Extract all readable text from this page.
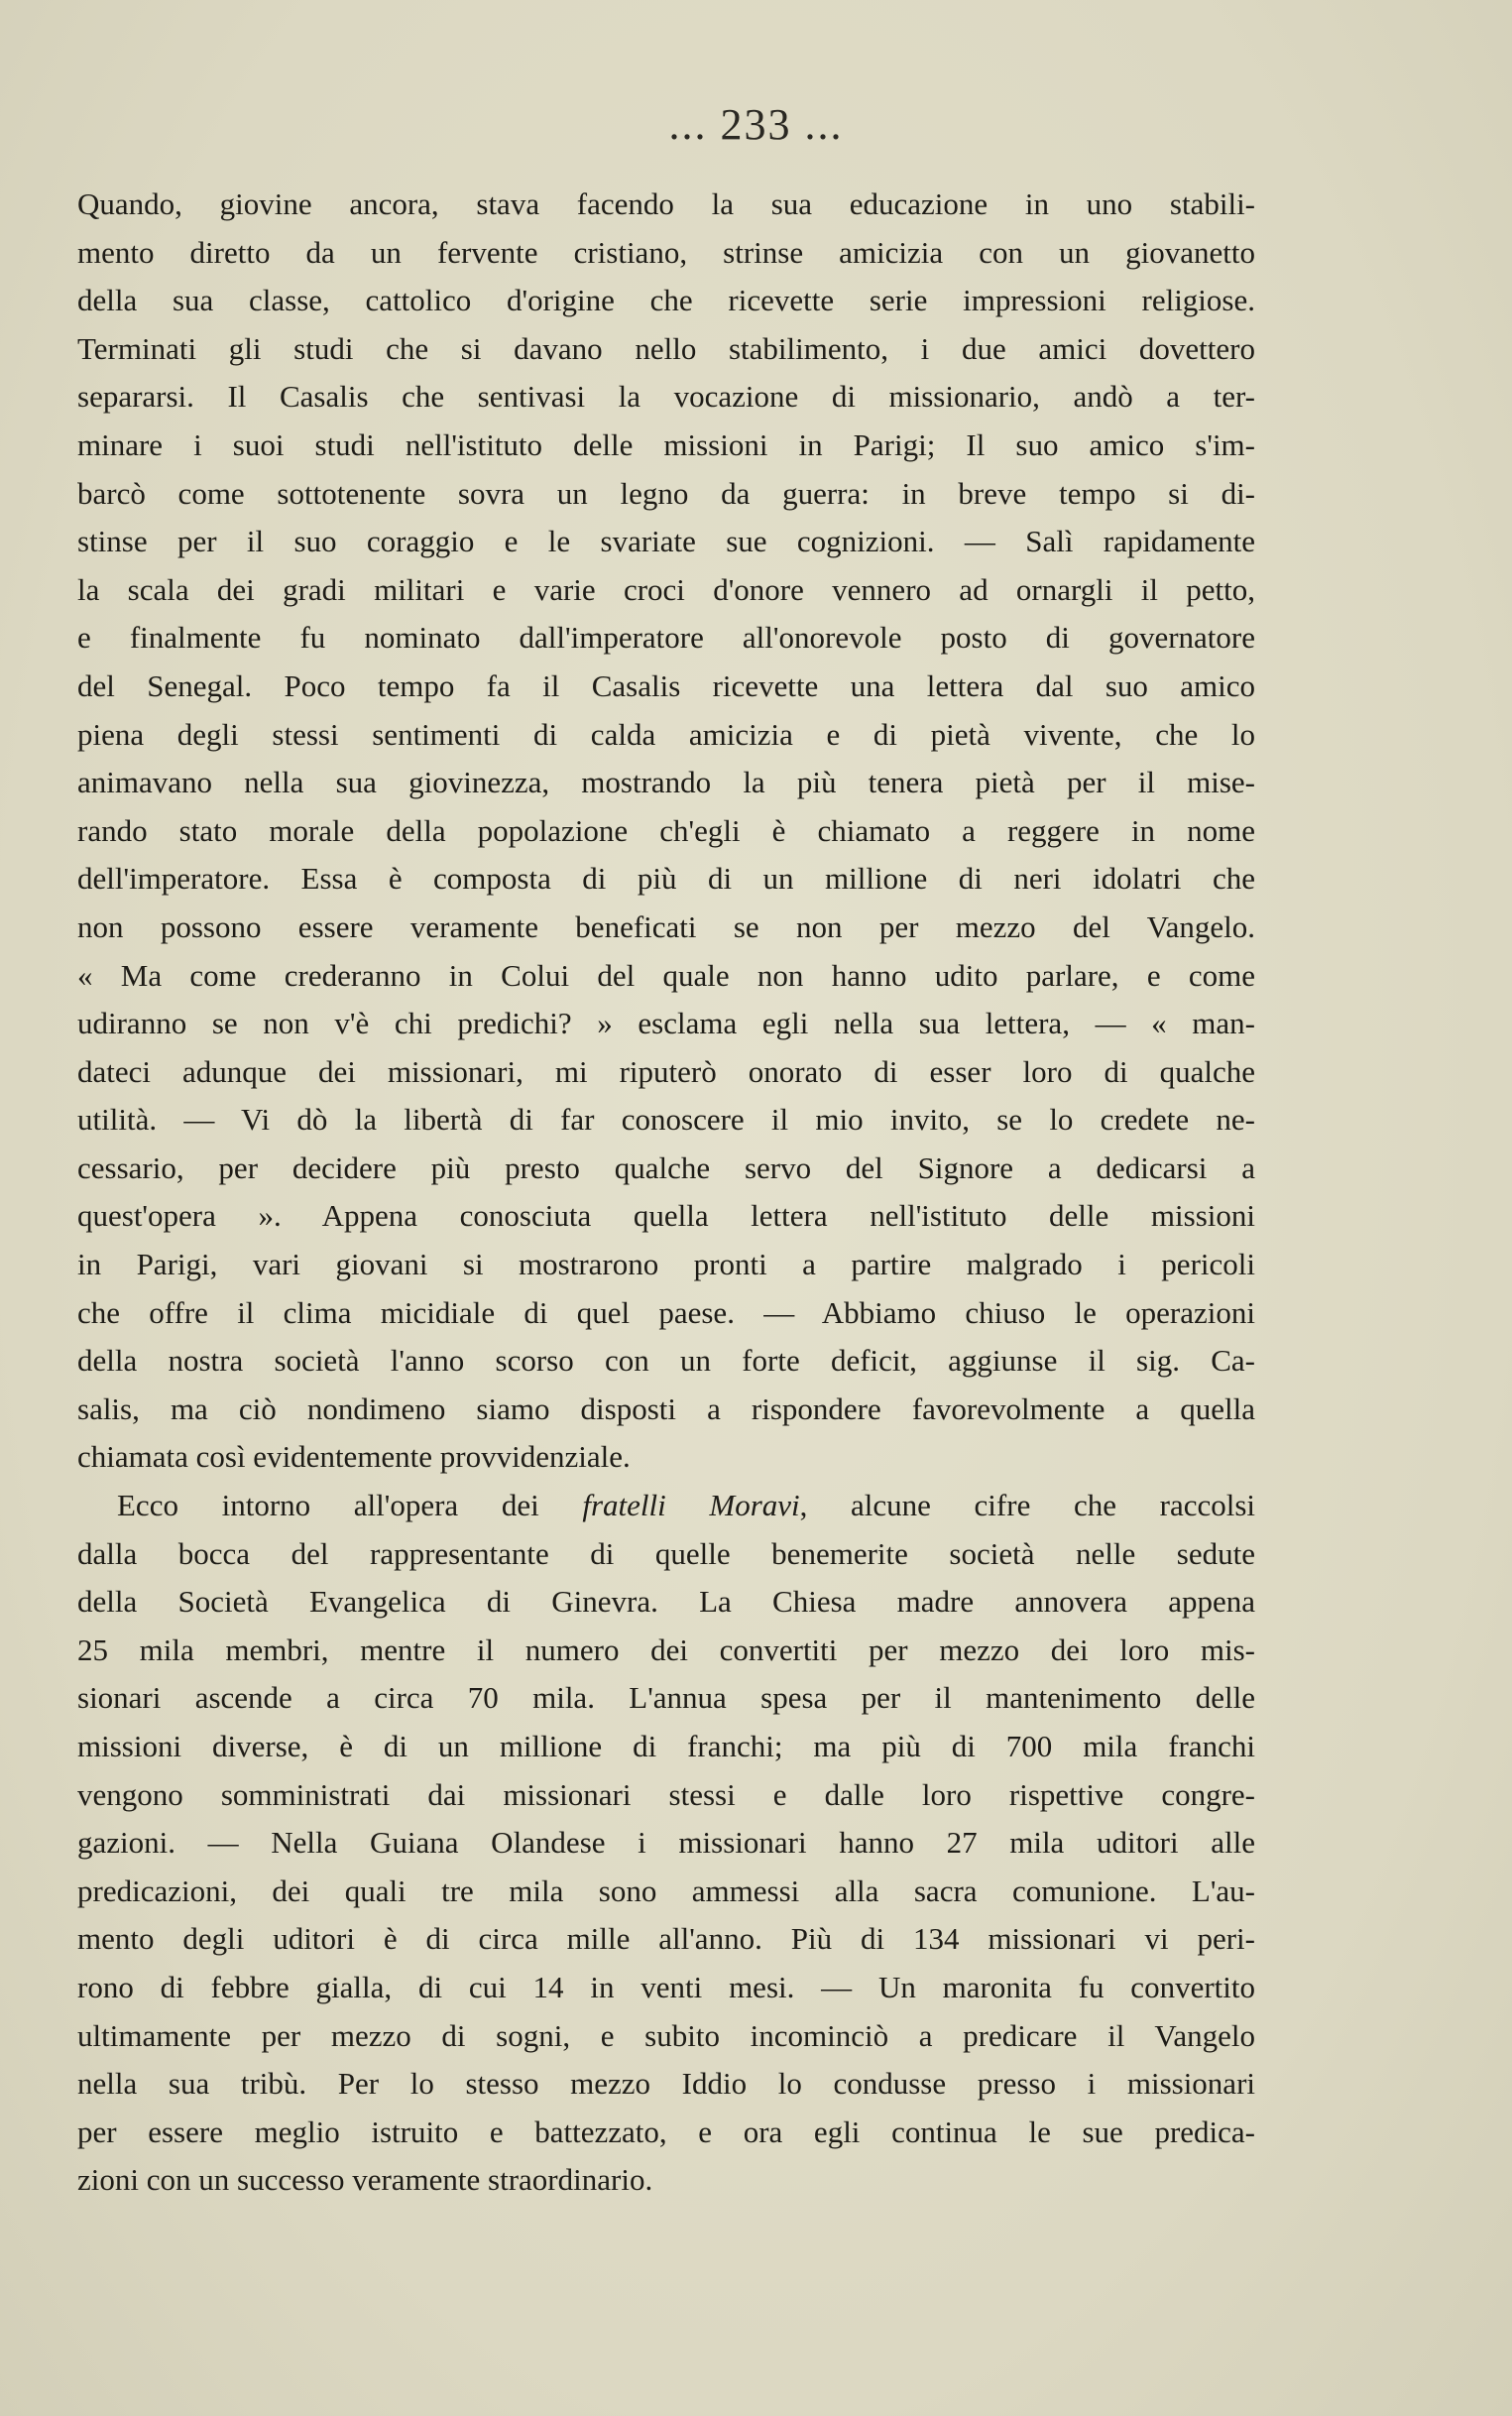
... 233 ...
Quando, giovine ancora, stava facendo la sua educazione in uno stabili-
mento diretto da un fervente cristiano, strinse amicizia con un giovanetto
della sua classe, cattolico d'origine che ricevette serie impressioni religiose.
Terminati gli studi che si davano nello stabilimento, i due amici dovettero
separarsi. Il Casalis che sentivasi la vocazione di missionario, andò a ter-
minare i suoi studi nell'istituto delle missioni in Parigi; Il suo amico s'im-
barcò come sottotenente sovra un legno da guerra: in breve tempo si di-
stinse per il suo coraggio e le svariate sue cognizioni. — Salì rapidamente
la scala dei gradi militari e varie croci d'onore vennero ad ornargli il petto,
e finalmente fu nominato dall'imperatore all'onorevole posto di governatore
del Senegal. Poco tempo fa il Casalis ricevette una lettera dal suo amico
piena degli stessi sentimenti di calda amicizia e di pietà vivente, che lo
animavano nella sua giovinezza, mostrando la più tenera pietà per il mise-
rando stato morale della popolazione ch'egli è chiamato a reggere in nome
dell'imperatore. Essa è composta di più di un millione di neri idolatri che
non possono essere veramente beneficati se non per mezzo del Vangelo.
« Ma come crederanno in Colui del quale non hanno udito parlare, e come
udiranno se non v'è chi predichi? » esclama egli nella sua lettera, — « man-
dateci adunque dei missionari, mi riputerò onorato di esser loro di qualche
utilità. — Vi dò la libertà di far conoscere il mio invito, se lo credete ne-
cessario, per decidere più presto qualche servo del Signore a dedicarsi a
quest'opera ». Appena conosciuta quella lettera nell'istituto delle missioni
in Parigi, vari giovani si mostrarono pronti a partire malgrado i pericoli
che offre il clima micidiale di quel paese. — Abbiamo chiuso le operazioni
della nostra società l'anno scorso con un forte deficit, aggiunse il sig. Ca-
salis, ma ciò nondimeno siamo disposti a rispondere favorevolmente a quella
chiamata così evidentemente provvidenziale.
Ecco intorno all'opera dei fratelli Moravi, alcune cifre che raccolsi
dalla bocca del rappresentante di quelle benemerite società nelle sedute
della Società Evangelica di Ginevra. La Chiesa madre annovera appena
25 mila membri, mentre il numero dei convertiti per mezzo dei loro mis-
sionari ascende a circa 70 mila. L'annua spesa per il mantenimento delle
missioni diverse, è di un millione di franchi; ma più di 700 mila franchi
vengono somministrati dai missionari stessi e dalle loro rispettive congre-
gazioni. — Nella Guiana Olandese i missionari hanno 27 mila uditori alle
predicazioni, dei quali tre mila sono ammessi alla sacra comunione. L'au-
mento degli uditori è di circa mille all'anno. Più di 134 missionari vi peri-
rono di febbre gialla, di cui 14 in venti mesi. — Un maronita fu convertito
ultimamente per mezzo di sogni, e subito incominciò a predicare il Vangelo
nella sua tribù. Per lo stesso mezzo Iddio lo condusse presso i missionari
per essere meglio istruito e battezzato, e ora egli continua le sue predica-
zioni con un successo veramente straordinario.
